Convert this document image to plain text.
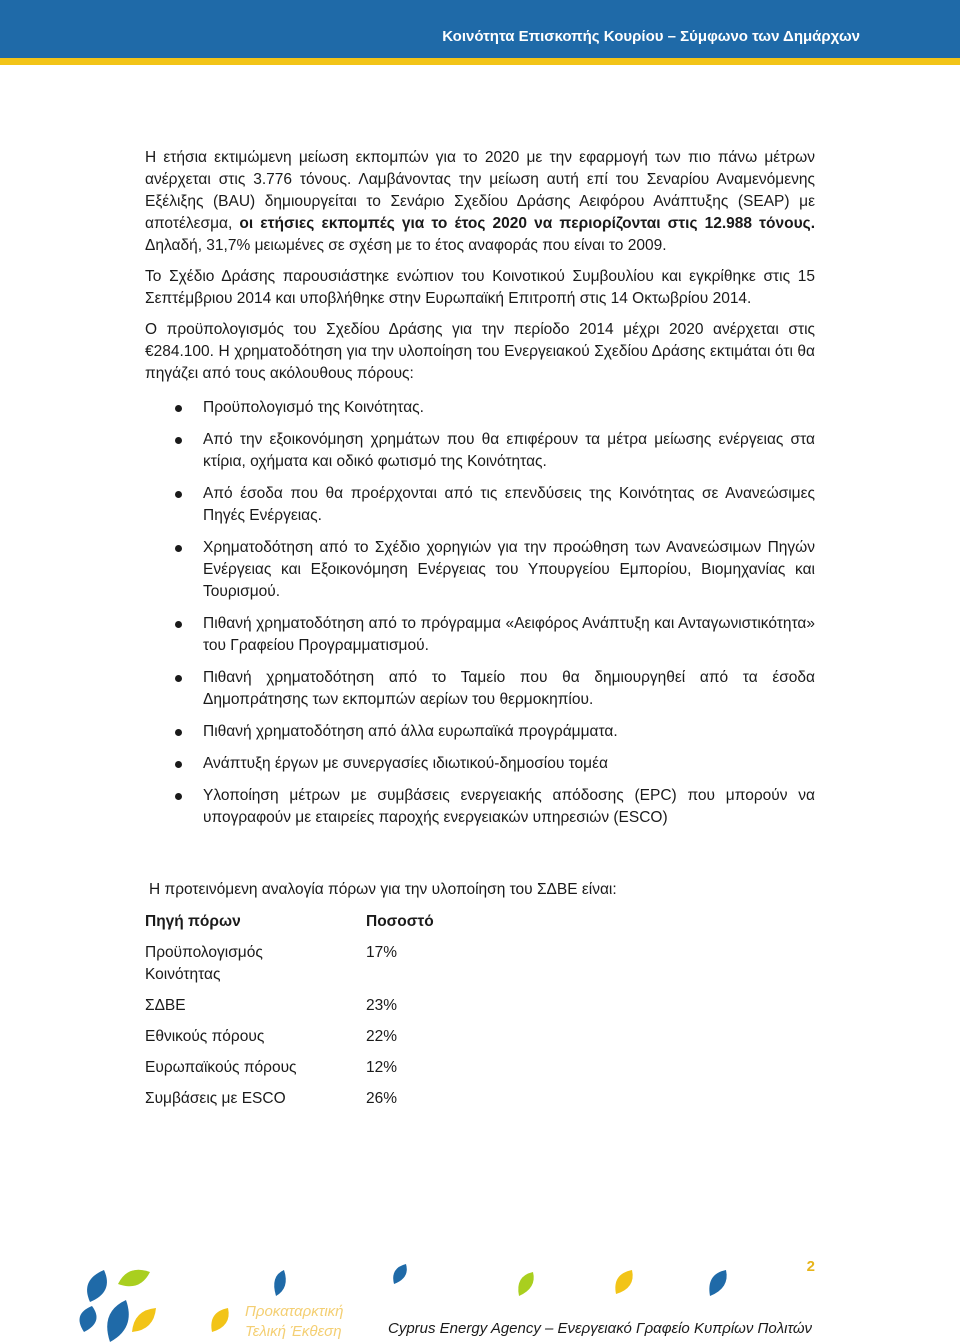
Κοινότητα Επισκοπής Κουρίου – Σύμφωνο των Δημάρχων

Η ετήσια εκτιμώμενη μείωση εκπομπών για το 2020 με την εφαρμογή των πιο πάνω μέτρων ανέρχεται στις 3.776 τόνους. Λαμβάνοντας την μείωση αυτή επί του Σεναρίου Αναμενόμενης Εξέλιξης (BAU) δημιουργείται το Σενάριο Σχεδίου Δράσης Αειφόρου Ανάπτυξης (SEAP) με αποτέλεσμα, οι ετήσιες εκπομπές για το έτος 2020 να περιορίζονται στις 12.988 τόνους. Δηλαδή, 31,7% μειωμένες σε σχέση με το έτος αναφοράς που είναι το 2009.

Το Σχέδιο Δράσης παρουσιάστηκε ενώπιον του Κοινοτικού Συμβουλίου και εγκρίθηκε στις 15 Σεπτέμβριου 2014 και υποβλήθηκε στην Ευρωπαϊκή Επιτροπή στις 14 Οκτωβρίου 2014.

Ο προϋπολογισμός του Σχεδίου Δράσης για την περίοδο 2014 μέχρι 2020 ανέρχεται στις €284.100. Η χρηματοδότηση για την υλοποίηση του Ενεργειακού Σχεδίου Δράσης εκτιμάται ότι θα πηγάζει από τους ακόλουθους πόρους:

Προϋπολογισμό της Κοινότητας.
Από την εξοικονόμηση χρημάτων που θα επιφέρουν τα μέτρα μείωσης ενέργειας στα κτίρια, οχήματα και οδικό φωτισμό της Κοινότητας.
Από έσοδα που θα προέρχονται από τις επενδύσεις της Κοινότητας σε Ανανεώσιμες Πηγές Ενέργειας.
Χρηματοδότηση από το Σχέδιο χορηγιών για την προώθηση των Ανανεώσιμων Πηγών Ενέργειας και Εξοικονόμηση Ενέργειας του Υπουργείου Εμπορίου, Βιομηχανίας και Τουρισμού.
Πιθανή χρηματοδότηση από το πρόγραμμα «Αειφόρος Ανάπτυξη και Ανταγωνιστικότητα» του Γραφείου Προγραμματισμού.
Πιθανή χρηματοδότηση από το Ταμείο που θα δημιουργηθεί από τα έσοδα Δημοπράτησης των εκπομπών αερίων του θερμοκηπίου.
Πιθανή χρηματοδότηση από άλλα ευρωπαϊκά προγράμματα.
Ανάπτυξη έργων με συνεργασίες ιδιωτικού-δημοσίου τομέα
Υλοποίηση μέτρων με συμβάσεις ενεργειακής απόδοσης (EPC) που μπορούν να υπογραφούν με εταιρείες παροχής ενεργειακών υπηρεσιών (ESCO)

Η προτεινόμενη αναλογία πόρων για την υλοποίηση του ΣΔΒΕ είναι:

Πηγή πόρων	Ποσοστό
Προϋπολογισμός Κοινότητας	17%
ΣΔΒΕ	23%
Εθνικούς πόρους	22%
Ευρωπαϊκούς πόρους	12%
Συμβάσεις με ESCO	26%
2
Προκαταρκτική
Τελική Έκθεση	Cyprus Energy Agency – Ενεργειακό Γραφείο Κυπρίων Πολιτών
